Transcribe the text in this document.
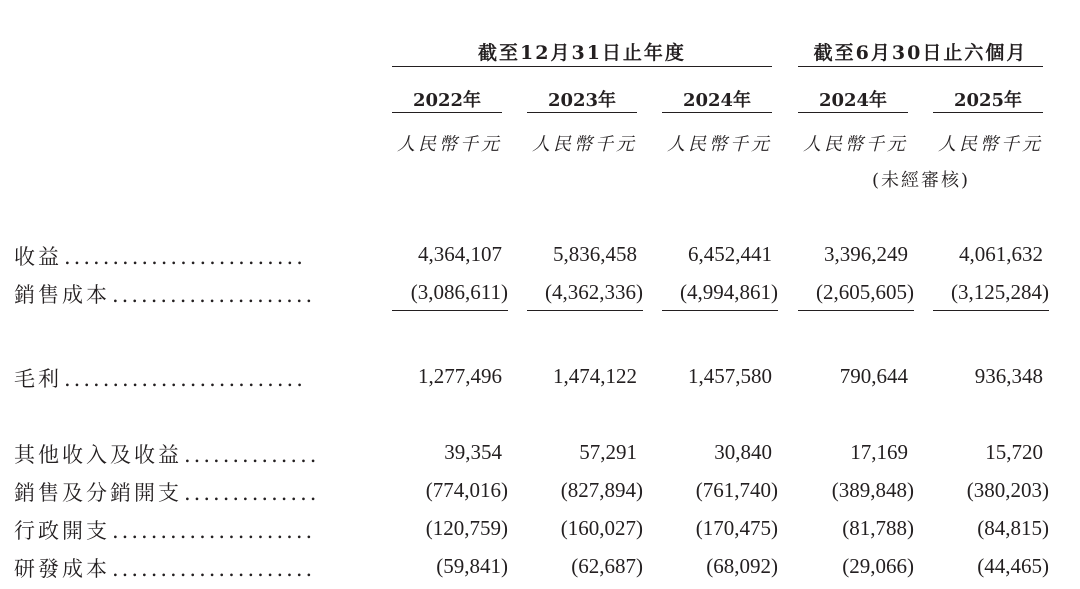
截至12月31日止年度	截至6月30日止六個月
2022年	2023年	2024年	2024年	2025年
人民幣千元 人民幣千元 人民幣千元 人民幣千元 人民幣千元
(未經審核)
收益.........................	4,364,107	5,836,458	6,452,441	3,396,249	4,061,632
銷售成本.....................	(3,086,611)	(4,362,336)	(4,994,861)	(2,605,605)	(3,125,284)
毛利.........................	1,277,496	1,474,122	1,457,580	790,644	936,348
其他收入及收益..............	39,354	57,291	30,840	17,169	15,720
銷售及分銷開支..............	(774,016)	(827,894)	(761,740)	(389,848)	(380,203)
行政開支.....................	(120,759)	(160,027)	(170,475)	(81,788)	(84,815)
研發成本.....................	(59,841)	(62,687)	(68,092)	(29,066)	(44,465)
